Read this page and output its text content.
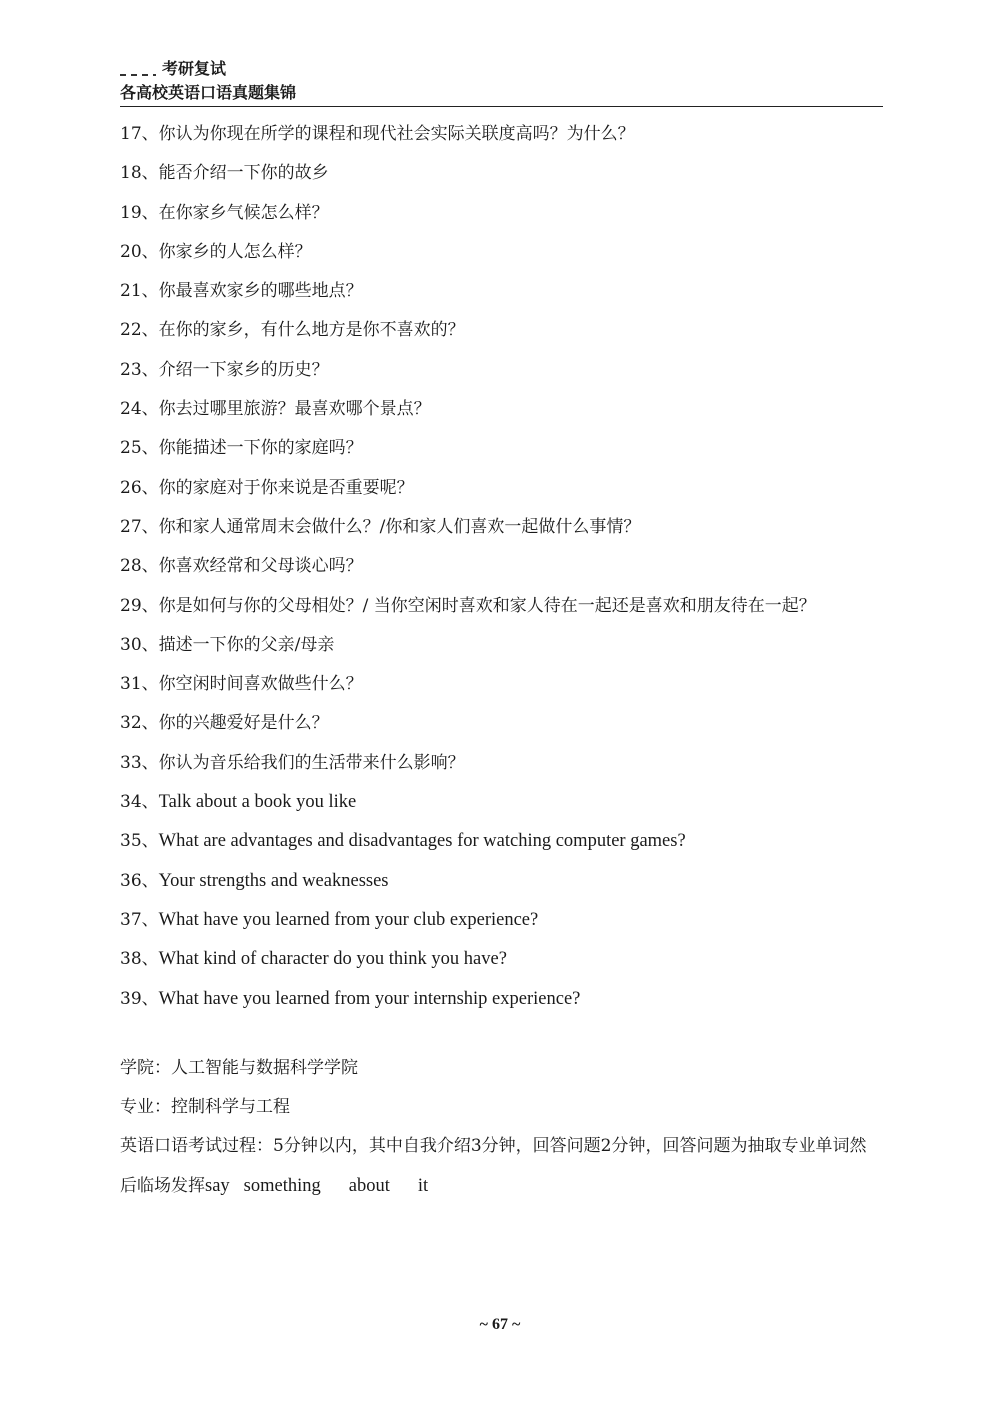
考研复试
各高校英语口语真题集锦
17、你认为你现在所学的课程和现代社会实际关联度高吗？为什么？
18、能否介绍一下你的故乡
19、在你家乡气候怎么样？
20、你家乡的人怎么样？
21、你最喜欢家乡的哪些地点？
22、在你的家乡，有什么地方是你不喜欢的？
23、介绍一下家乡的历史？
24、你去过哪里旅游？最喜欢哪个景点？
25、你能描述一下你的家庭吗？
26、你的家庭对于你来说是否重要呢？
27、你和家人通常周末会做什么？/你和家人们喜欢一起做什么事情？
28、你喜欢经常和父母谈心吗？
29、你是如何与你的父母相处？/ 当你空闲时喜欢和家人待在一起还是喜欢和朋友待在一起？
30、描述一下你的父亲/母亲
31、你空闲时间喜欢做些什么？
32、你的兴趣爱好是什么？
33、你认为音乐给我们的生活带来什么影响？
34、Talk about a book you like
35、What are advantages and disadvantages for watching computer games?
36、Your strengths and weaknesses
37、What have you learned from your club experience?
38、What kind of character do you think you have?
39、What have you learned from your internship experience?
学院：人工智能与数据科学学院
专业：控制科学与工程
英语口语考试过程：5分钟以内，其中自我介绍3分钟，回答问题2分钟，回答问题为抽取专业单词然后临场发挥say something about it
~ 67 ~
